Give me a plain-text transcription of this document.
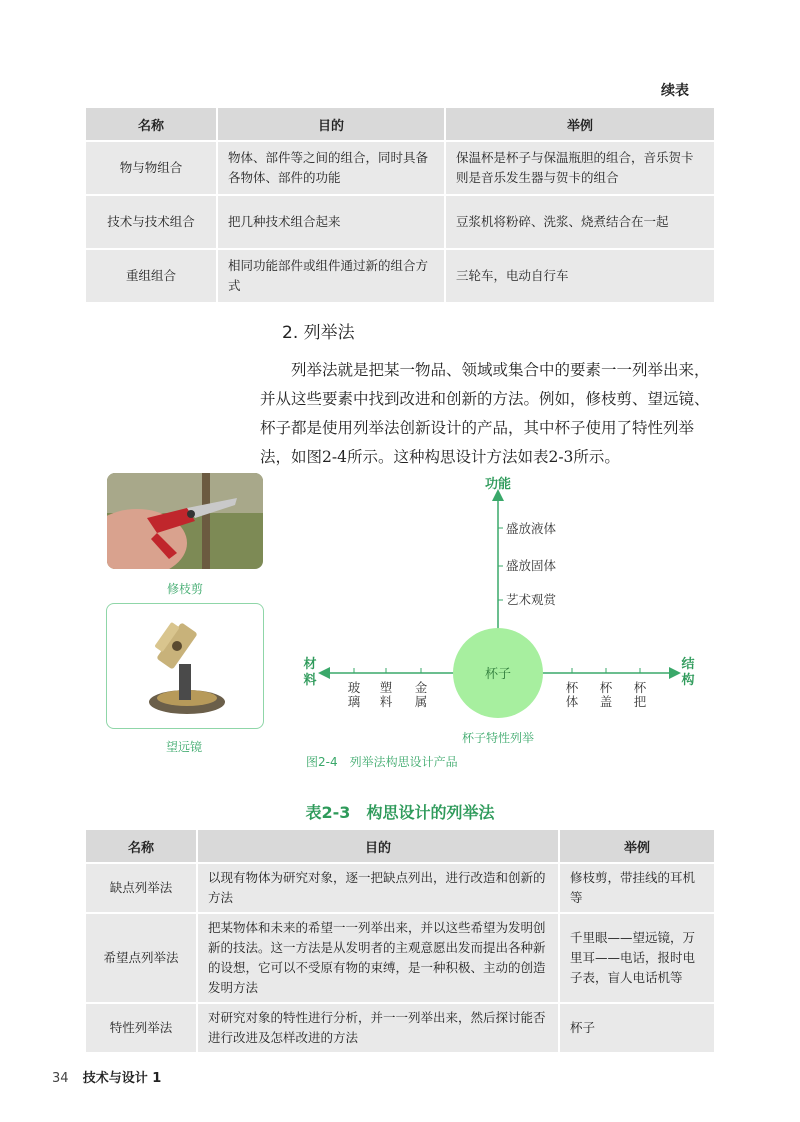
续表
名称	目的	举例
物与物组合	物体、部件等之间的组合，同时具备各物体、部件的功能	保温杯是杯子与保温瓶胆的组合，音乐贺卡则是音乐发生器与贺卡的组合
技术与技术组合	把几种技术组合起来	豆浆机将粉碎、洗浆、烧煮结合在一起
重组组合	相同功能部件或组件通过新的组合方式	三轮车，电动自行车
2. 列举法

列举法就是把某一物品、领域或集合中的要素一一列举出来，并从这些要素中找到改进和创新的方法。例如，修枝剪、望远镜、杯子都是使用列举法创新设计的产品，其中杯子使用了特性列举法，如图2-4所示。这种构思设计方法如表2-3所示。

修枝剪
望远镜
功能
材
料
结
构
盛放液体
盛放固体
艺术观赏
杯子
杯子特性列举
玻
璃
塑
料
金
属
杯
体
杯
盖
杯
把
图2-4　列举法构思设计产品
表2-3　构思设计的列举法
名称	目的	举例
缺点列举法	以现有物体为研究对象，逐一把缺点列出，进行改造和创新的方法	修枝剪，带挂线的耳机等
希望点列举法	把某物体和未来的希望一一列举出来，并以这些希望为发明创新的技法。这一方法是从发明者的主观意愿出发而提出各种新的设想，它可以不受原有物的束缚，是一种积极、主动的创造发明方法	千里眼——望远镜，万里耳——电话，报时电子表，盲人电话机等
特性列举法	对研究对象的特性进行分析，并一一列举出来，然后探讨能否进行改进及怎样改进的方法	杯子
34 技术与设计 1
